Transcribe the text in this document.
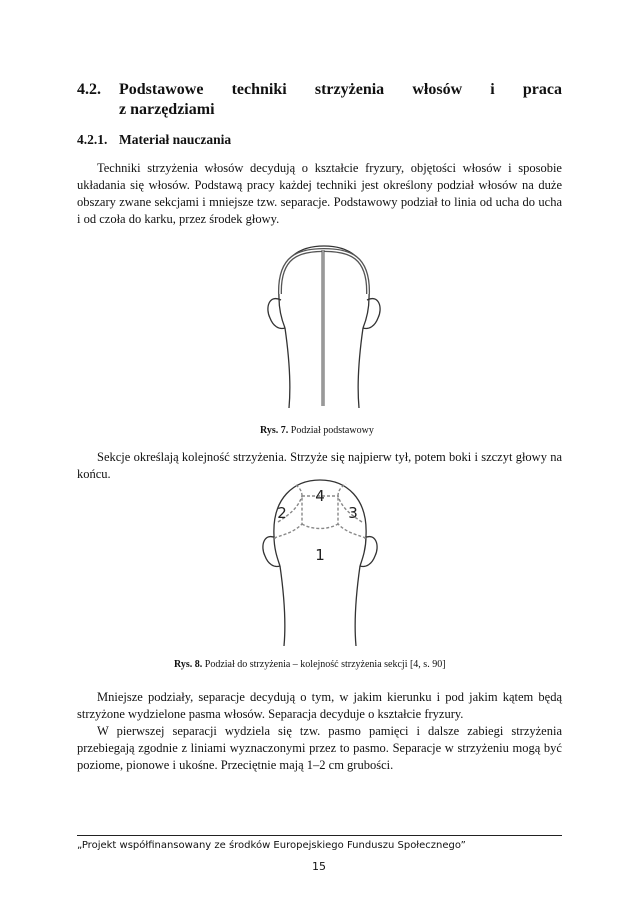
4.2. Podstawowe techniki strzyżenia włosów i praca
z narzędziami
4.2.1. Materiał nauczania

Techniki strzyżenia włosów decydują o kształcie fryzury, objętości włosów i sposobie układania się włosów. Podstawą pracy każdej techniki jest określony podział włosów na duże obszary zwane sekcjami i mniejsze tzw. separacje. Podstawowy podział to linia od ucha do ucha i od czoła do karku, przez środek głowy.

Rys. 7. Podział podstawowy

Sekcje określają kolejność strzyżenia. Strzyże się najpierw tył, potem boki i szczyt głowy na końcu.

1
2	3
4
Rys. 8. Podział do strzyżenia – kolejność strzyżenia sekcji [4, s. 90]

Mniejsze podziały, separacje decydują o tym, w jakim kierunku i pod jakim kątem będą strzyżone wydzielone pasma włosów. Separacja decyduje o kształcie fryzury.

W pierwszej separacji wydziela się tzw. pasmo pamięci i dalsze zabiegi strzyżenia przebiegają zgodnie z liniami wyznaczonymi przez to pasmo. Separacje w strzyżeniu mogą być poziome, pionowe i ukośne. Przeciętnie mają 1–2 cm grubości.

„Projekt współfinansowany ze środków Europejskiego Funduszu Społecznego”
15
